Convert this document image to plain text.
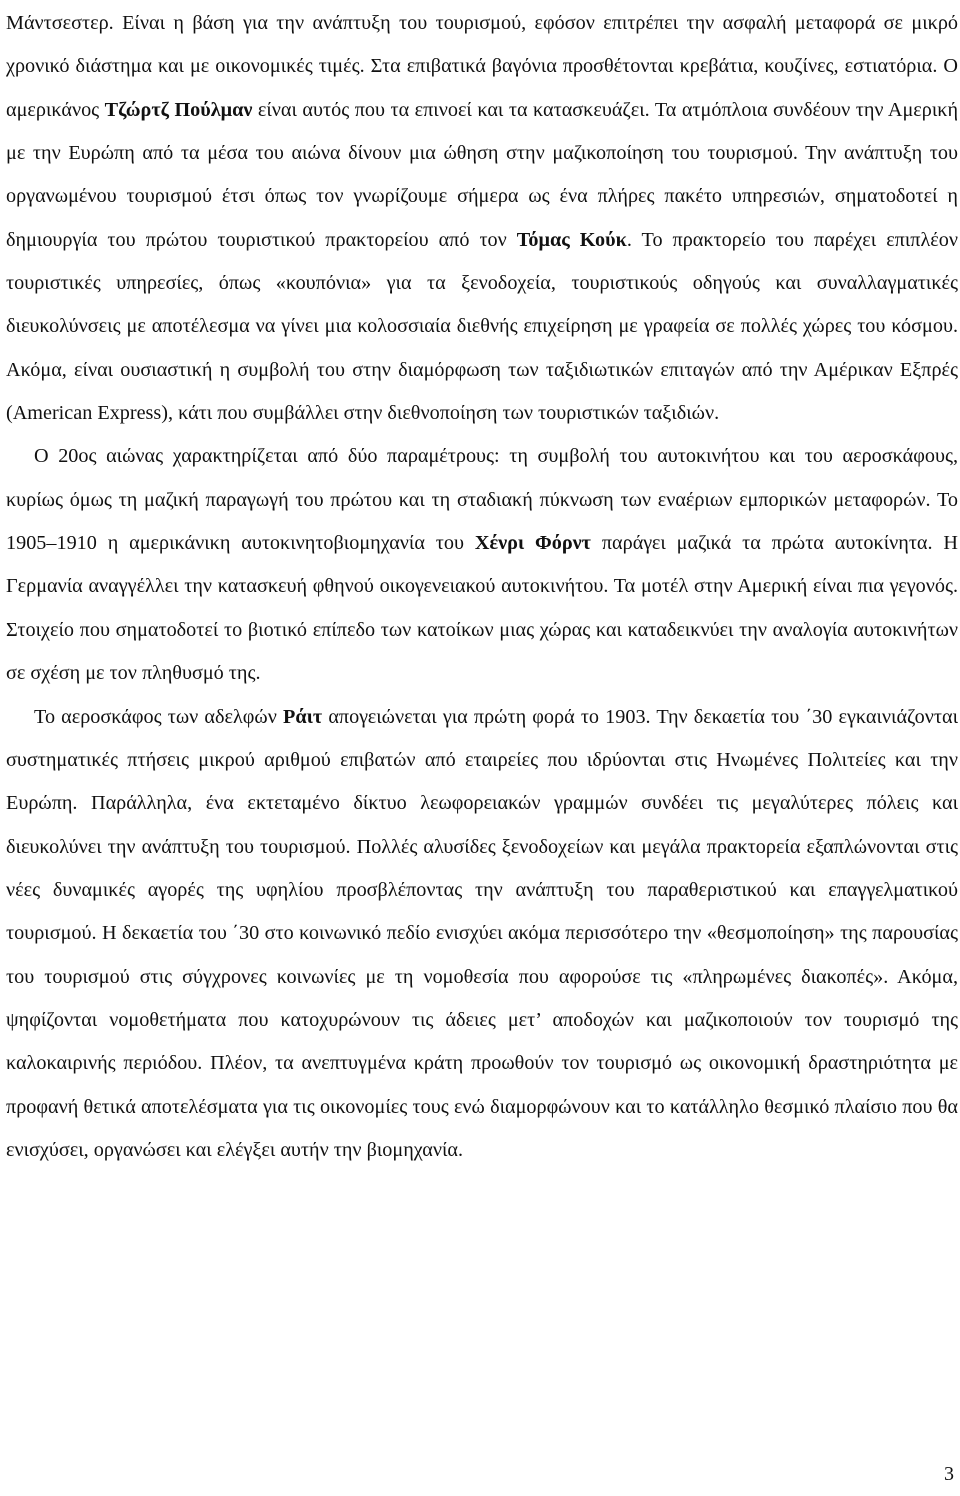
Μάντσεστερ. Είναι η βάση για την ανάπτυξη του τουρισμού, εφόσον επιτρέπει την ασφαλή μεταφορά σε μικρό χρονικό διάστημα και με οικονομικές τιμές. Στα επιβατικά βαγόνια προσθέτονται κρεβάτια, κουζίνες, εστιατόρια. Ο αμερικάνος Τζώρτζ Πούλμαν είναι αυτός που τα επινοεί και τα κατασκευάζει. Τα ατμόπλοια συνδέουν την Αμερική με την Ευρώπη από τα μέσα του αιώνα δίνουν μια ώθηση στην μαζικοποίηση του τουρισμού. Την ανάπτυξη του οργανωμένου τουρισμού έτσι όπως τον γνωρίζουμε σήμερα ως ένα πλήρες πακέτο υπηρεσιών, σηματοδοτεί η δημιουργία του πρώτου τουριστικού πρακτορείου από τον Τόμας Κούκ. Το πρακτορείο του παρέχει επιπλέον τουριστικές υπηρεσίες, όπως «κουπόνια» για τα ξενοδοχεία, τουριστικούς οδηγούς και συναλλαγματικές διευκολύνσεις με αποτέλεσμα να γίνει μια κολοσσιαία διεθνής επιχείρηση με γραφεία σε πολλές χώρες του κόσμου. Ακόμα, είναι ουσιαστική η συμβολή του στην διαμόρφωση των ταξιδιωτικών επιταγών από την Αμέρικαν Εξπρές (American Express), κάτι που συμβάλλει στην διεθνοποίηση των τουριστικών ταξιδιών.

Ο 20ος αιώνας χαρακτηρίζεται από δύο παραμέτρους: τη συμβολή του αυτοκινήτου και του αεροσκάφους, κυρίως όμως τη μαζική παραγωγή του πρώτου και τη σταδιακή πύκνωση των εναέριων εμπορικών μεταφορών. Το 1905–1910 η αμερικάνικη αυτοκινητοβιομηχανία του Χένρι Φόρντ παράγει μαζικά τα πρώτα αυτοκίνητα. Η Γερμανία αναγγέλλει την κατασκευή φθηνού οικογενειακού αυτοκινήτου. Τα μοτέλ στην Αμερική είναι πια γεγονός. Στοιχείο που σηματοδοτεί το βιοτικό επίπεδο των κατοίκων μιας χώρας και καταδεικνύει την αναλογία αυτοκινήτων σε σχέση με τον πληθυσμό της.

Το αεροσκάφος των αδελφών Ράιτ απογειώνεται για πρώτη φορά το 1903. Την δεκαετία του ΄30 εγκαινιάζονται συστηματικές πτήσεις μικρού αριθμού επιβατών από εταιρείες που ιδρύονται στις Ηνωμένες Πολιτείες και την Ευρώπη. Παράλληλα, ένα εκτεταμένο δίκτυο λεωφορειακών γραμμών συνδέει τις μεγαλύτερες πόλεις και διευκολύνει την ανάπτυξη του τουρισμού. Πολλές αλυσίδες ξενοδοχείων και μεγάλα πρακτορεία εξαπλώνονται στις νέες δυναμικές αγορές της υφηλίου προσβλέποντας την ανάπτυξη του παραθεριστικού και επαγγελματικού τουρισμού. Η δεκαετία του ΄30 στο κοινωνικό πεδίο ενισχύει ακόμα περισσότερο την «θεσμοποίηση» της παρουσίας του τουρισμού στις σύγχρονες κοινωνίες με τη νομοθεσία που αφορούσε τις «πληρωμένες διακοπές». Ακόμα, ψηφίζονται νομοθετήματα που κατοχυρώνουν τις άδειες μετ’ αποδοχών και μαζικοποιούν τον τουρισμό της καλοκαιρινής περιόδου. Πλέον, τα ανεπτυγμένα κράτη προωθούν τον τουρισμό ως οικονομική δραστηριότητα με προφανή θετικά αποτελέσματα για τις οικονομίες τους ενώ διαμορφώνουν και το κατάλληλο θεσμικό πλαίσιο που θα ενισχύσει, οργανώσει και ελέγξει αυτήν την βιομηχανία.

3
